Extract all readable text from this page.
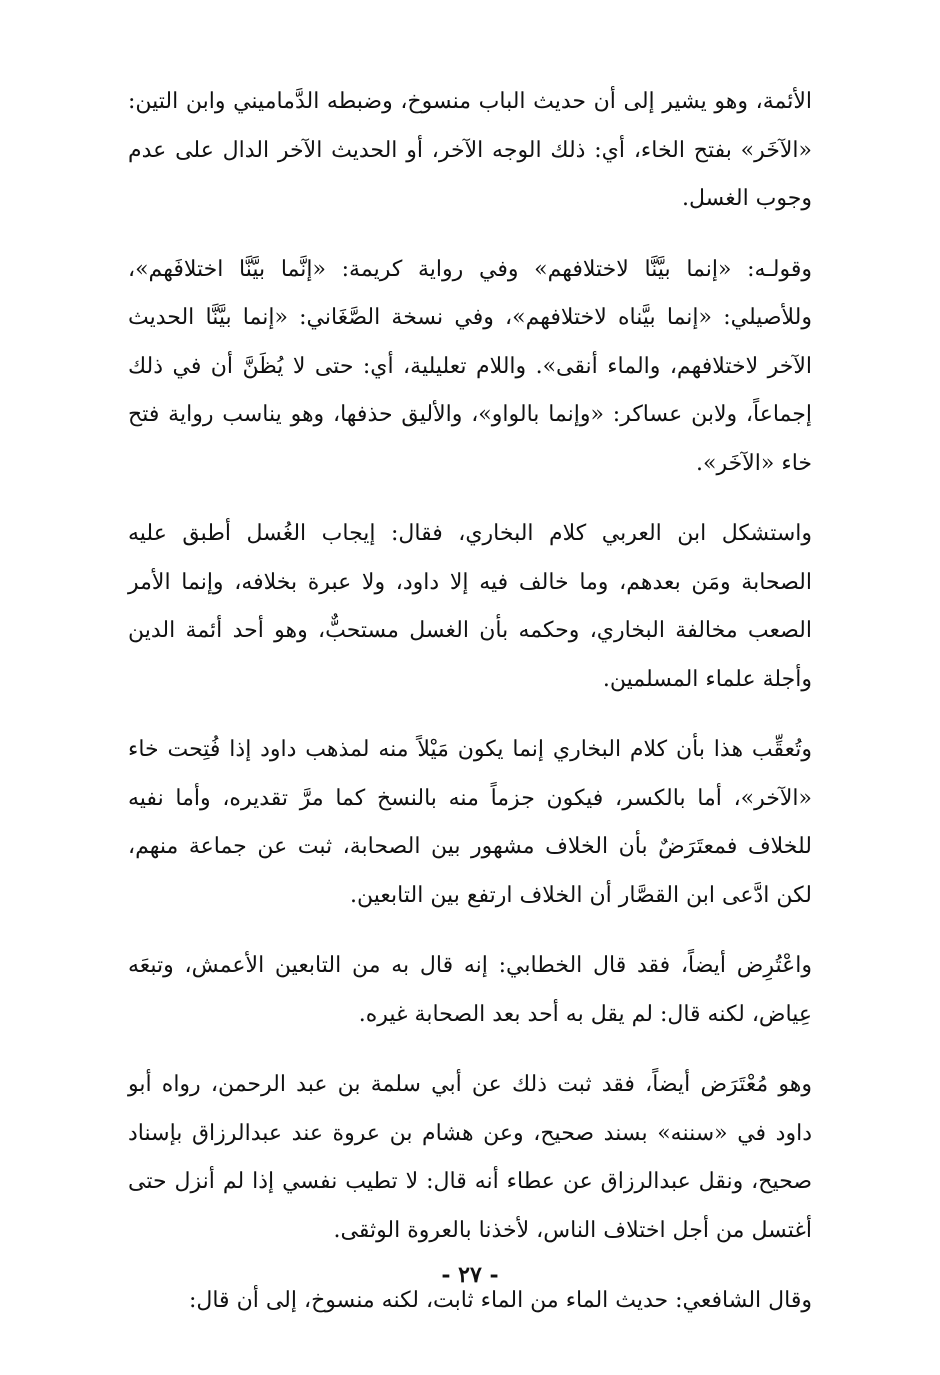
الأئمة، وهو يشير إلى أن حديث الباب منسوخ، وضبطه الدَّماميني وابن التين: «الآخَر» بفتح الخاء، أي: ذلك الوجه الآخر، أو الحديث الآخر الدال على عدم وجوب الغسل.

وقولـه: «إنما بيَّنَّا لاختلافهم» وفي رواية كريمة: «إنَّما بيَّنَّا اختلافَهم»، وللأصيلي: «إنما بيَّناه لاختلافهم»، وفي نسخة الصَّغَاني: «إنما بيَّنَّا الحديث الآخر لاختلافهم، والماء أنقى». واللام تعليلية، أي: حتى لا يُظَنَّ أن في ذلك إجماعاً، ولابن عساكر: «وإنما بالواو»، والأليق حذفها، وهو يناسب رواية فتح خاء «الآخَر».

واستشكل ابن العربي كلام البخاري، فقال: إيجاب الغُسل أطبق عليه الصحابة ومَن بعدهم، وما خالف فيه إلا داود، ولا عبرة بخلافه، وإنما الأمر الصعب مخالفة البخاري، وحكمه بأن الغسل مستحبٌّ، وهو أحد أئمة الدين وأجلة علماء المسلمين.

وتُعقِّب هذا بأن كلام البخاري إنما يكون مَيْلاً منه لمذهب داود إذا فُتِحت خاء «الآخر»، أما بالكسر، فيكون جزماً منه بالنسخ كما مرَّ تقديره، وأما نفيه للخلاف فمعتَرَضٌ بأن الخلاف مشهور بين الصحابة، ثبت عن جماعة منهم، لكن ادَّعى ابن القصَّار أن الخلاف ارتفع بين التابعين.

واعْتُرِض أيضاً، فقد قال الخطابي: إنه قال به من التابعين الأعمش، وتبعَه عِياض، لكنه قال: لم يقل به أحد بعد الصحابة غيره.

وهو مُعْتَرَض أيضاً، فقد ثبت ذلك عن أبي سلمة بن عبد الرحمن، رواه أبو داود في «سننه» بسند صحيح، وعن هشام بن عروة عند عبدالرزاق بإسناد صحيح، ونقل عبدالرزاق عن عطاء أنه قال: لا تطيب نفسي إذا لم أنزل حتى أغتسل من أجل اختلاف الناس، لأخذنا بالعروة الوثقى.

وقال الشافعي: حديث الماء من الماء ثابت، لكنه منسوخ، إلى أن قال:

- ٢٧ -
